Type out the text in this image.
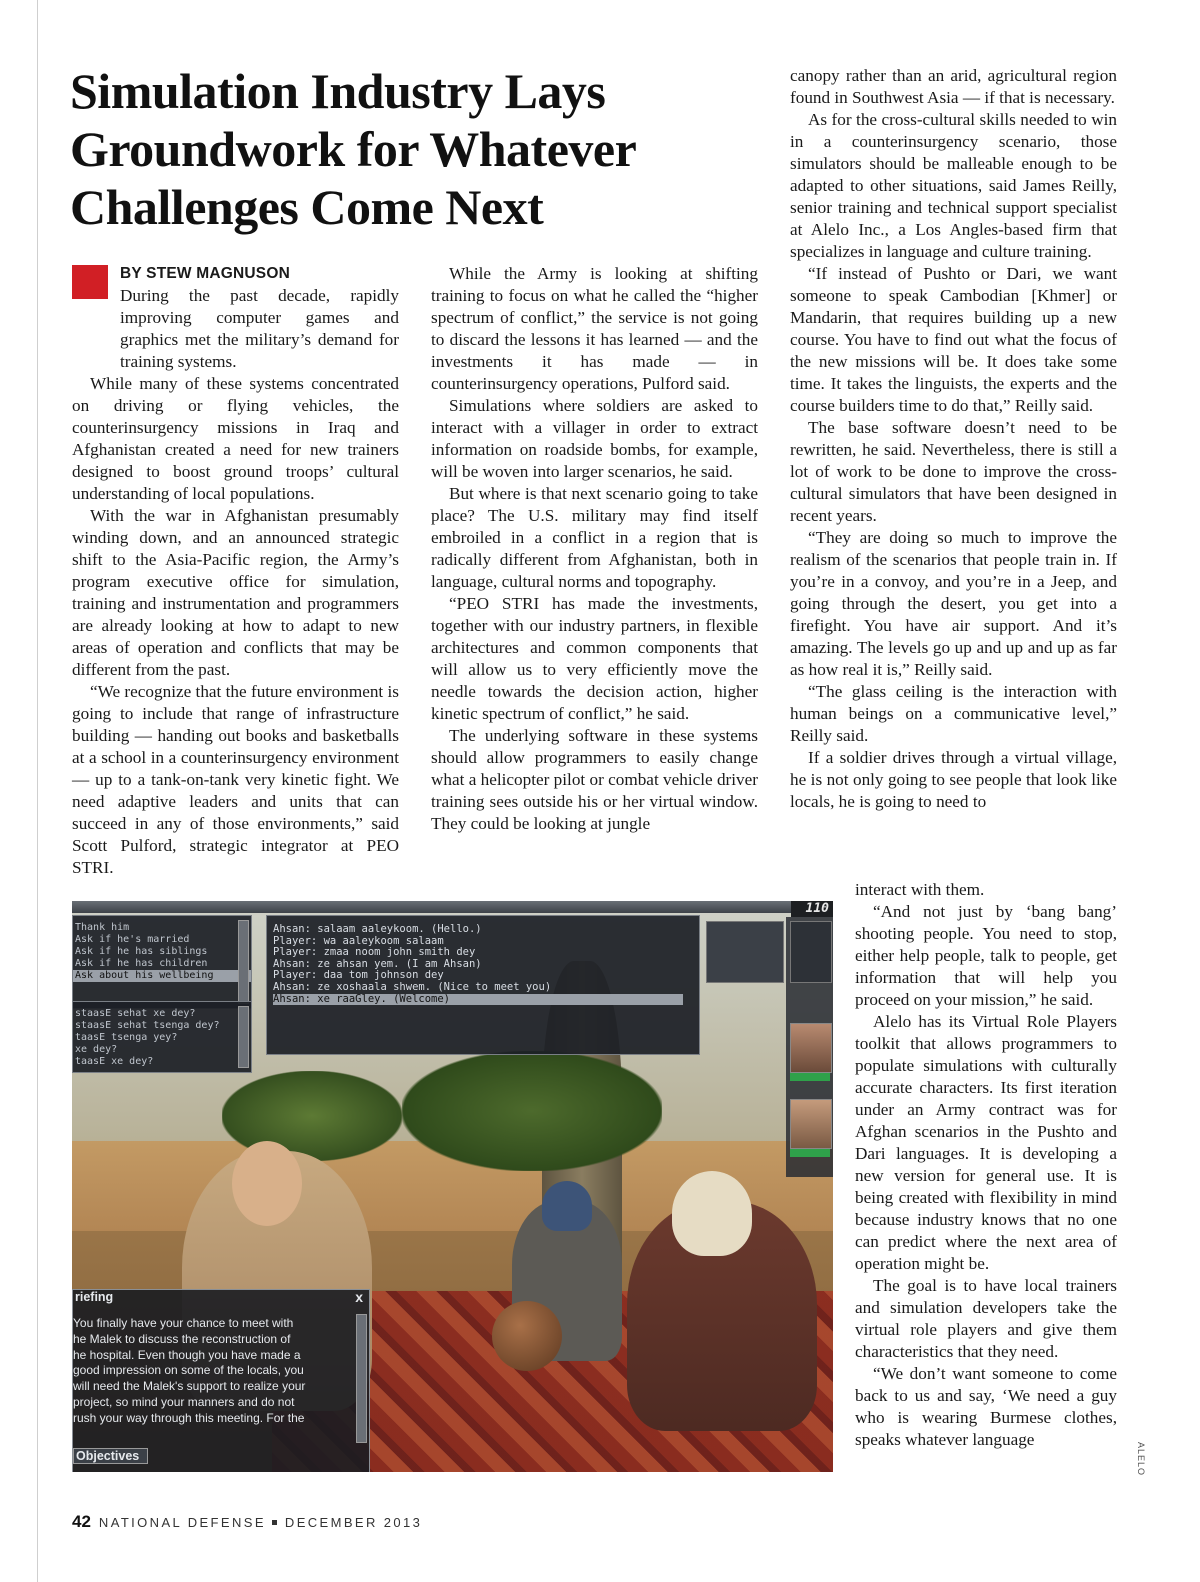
Simulation Industry Lays Groundwork for Whatever Challenges Come Next
BY STEW MAGNUSON

During the past decade, rapidly improving computer games and graphics met the military’s demand for training systems.

While many of these systems concentrated on driving or flying vehicles, the counterinsurgency missions in Iraq and Afghanistan created a need for new trainers designed to boost ground troops’ cultural understanding of local populations.

With the war in Afghanistan presumably winding down, and an announced strategic shift to the Asia-Pacific region, the Army’s program executive office for simulation, training and instrumentation and programmers are already looking at how to adapt to new areas of operation and conflicts that may be different from the past.

“We recognize that the future environment is going to include that range of infrastructure building — handing out books and basketballs at a school in a counterinsurgency environment — up to a tank-on-tank very kinetic fight. We need adaptive leaders and units that can succeed in any of those environments,” said Scott Pulford, strategic integrator at PEO STRI.

While the Army is looking at shifting training to focus on what he called the “higher spectrum of conflict,” the service is not going to discard the lessons it has learned — and the investments it has made — in counterinsurgency operations, Pulford said.

Simulations where soldiers are asked to interact with a villager in order to extract information on roadside bombs, for example, will be woven into larger scenarios, he said.

But where is that next scenario going to take place? The U.S. military may find itself embroiled in a conflict in a region that is radically different from Afghanistan, both in language, cultural norms and topography.

“PEO STRI has made the investments, together with our industry partners, in flexible architectures and common components that will allow us to very efficiently move the needle towards the decision action, higher kinetic spectrum of conflict,” he said.

The underlying software in these systems should allow programmers to easily change what a helicopter pilot or combat vehicle driver training sees outside his or her virtual window. They could be looking at jungle

canopy rather than an arid, agricultural region found in Southwest Asia — if that is necessary.

As for the cross-cultural skills needed to win in a counterinsurgency scenario, those simulators should be malleable enough to be adapted to other situations, said James Reilly, senior training and technical support specialist at Alelo Inc., a Los Angles-based firm that specializes in language and culture training.

“If instead of Pushto or Dari, we want someone to speak Cambodian [Khmer] or Mandarin, that requires building up a new course. You have to find out what the focus of the new missions will be. It does take some time. It takes the linguists, the experts and the course builders time to do that,” Reilly said.

The base software doesn’t need to be rewritten, he said. Nevertheless, there is still a lot of work to be done to improve the cross-cultural simulators that have been designed in recent years.

“They are doing so much to improve the realism of the scenarios that people train in. If you’re in a convoy, and you’re in a Jeep, and going through the desert, you get into a firefight. You have air support. And it’s amazing. The levels go up and up and up as far as how real it is,” Reilly said.

“The glass ceiling is the interaction with human beings on a communicative level,” Reilly said.

If a soldier drives through a virtual village, he is not only going to see people that look like locals, he is going to need to

interact with them.

“And not just by ‘bang bang’ shooting people. You need to stop, either help people, talk to people, get information that will help you proceed on your mission,” he said.

Alelo has its Virtual Role Players toolkit that allows programmers to populate simulations with culturally accurate characters. Its first iteration under an Army contract was for Afghan scenarios in the Pushto and Dari languages. It is developing a new version for general use. It is being created with flexibility in mind because industry knows that no one can predict where the next area of operation might be.

The goal is to have local trainers and simulation developers take the virtual role players and give them characteristics that they need.

“We don’t want someone to come back to us and say, ‘We need a guy who is wearing Burmese clothes, speaks whatever language

Thank him
Ask if he's married
Ask if he has siblings
Ask if he has children
Ask about his wellbeing
staasE sehat xe dey?
staasE sehat tsenga dey?
taasE tsenga yey?
xe dey?
taasE xe dey?
Ahsan: salaam aaleykoom. (Hello.)
Player: wa aaleykoom salaam
Player: zmaa noom john smith dey
Ahsan: ze ahsan yem. (I am Ahsan)
Player: daa tom johnson dey
Ahsan: ze xoshaala shwem. (Nice to meet you)
Ahsan: xe raaGley. (Welcome)
110
riefing	x
You finally have your chance to meet with
he Malek to discuss the reconstruction of
he hospital. Even though you have made a
good impression on some of the locals, you
will need the Malek's support to realize your
project, so mind your manners and do not
rush your way through this meeting. For the
Objectives	ALELO
42 NATIONAL DEFENSE DECEMBER 2013
